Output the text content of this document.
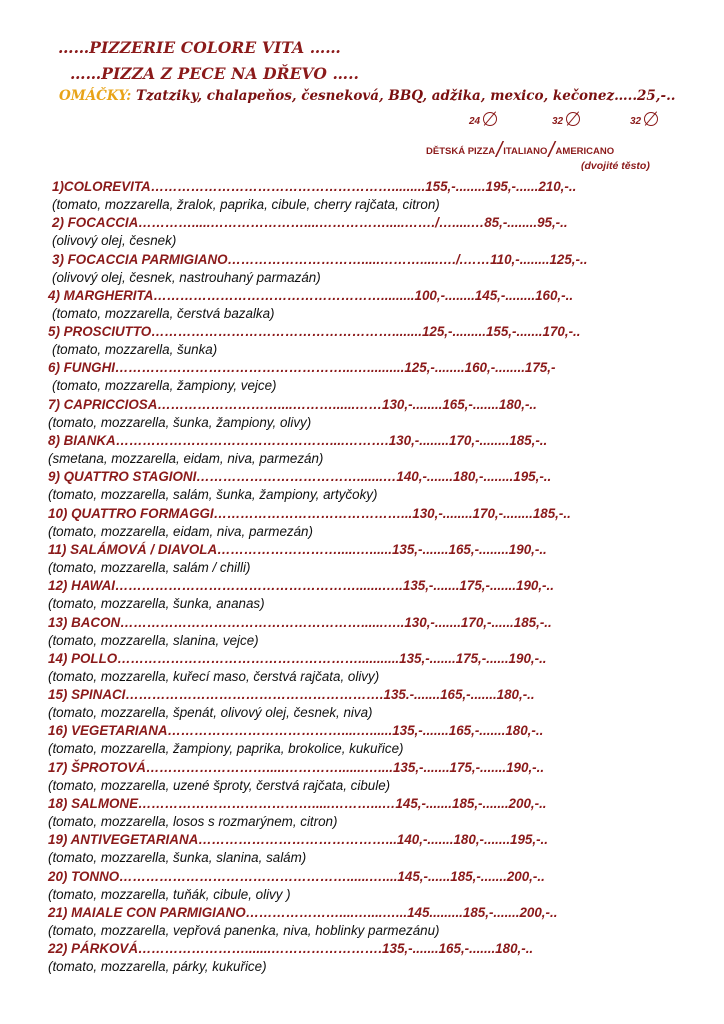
……PIZZERIE COLORE VITA ……
……PIZZA Z PECE NA DŘEVO …..
OMÁČKY: Tzatziky, chalapeňos, česneková, BBQ, adžika, mexico, kečonez…..25,-..
24	32	32
DĚTSKÁ PIZZA/ITALIANO/AMERICANO
(dvojité těsto)
1)COLOREVITA……………………………………………….........155,-........195,-......210,-..
(tomato, mozzarella, žralok, paprika, cibule, cherry rajčata, citron)
2) FOCACCIA………….....…………………....…………….....……./….....…85,-........95,-..
(olivový olej, česnek)
3) FOCACCIA PARMIGIANO………………………….....……….....…./.……110,-........125,-..
(olivový olej, česnek, nastrouhaný parmazán)
4) MARGHERITA…………………………………………….........100,-........145,-........160,-..
(tomato, mozzarella, čerstvá bazalka)
5) PROSCIUTTO………………………………………………........125,-.........155,-.......170,-..
(tomato, mozzarella, šunka)
6) FUNGHI……………………………………………...…..........125,-........160,-........175,-
(tomato, mozzarella, žampiony, vejce)
7) CAPRICCIOSA………………………....………......……130,-........165,-.......180,-..
(tomato, mozzarella, šunka, žampiony, olivy)
8) BIANKA…………………………………………....……….130,-........170,-........185,-..
(smetana, mozzarella, eidam, niva, parmezán)
9) QUATTRO STAGIONI……………………………….......…140,-.......180,-........195,-..
(tomato, mozzarella, salám, šunka, žampiony, artyčoky)
10) QUATTRO FORMAGGI……………………………………...130,-........170,-........185,-..
(tomato, mozzarella, eidam, niva, parmezán)
11) SALÁMOVÁ / DIAVOLA……………………….....…......135,-.......165,-........190,-..
(tomato, mozzarella, salám / chilli)
12) HAWAI……………………………………………….......…..135,-.......175,-.......190,-..
(tomato, mozzarella, šunka, ananas)
13) BACON………………………………………………......…..130,-.......170,-......185,-..
(tomato, mozzarella, slanina, vejce)
14) POLLO………………………………………………...........135,-.......175,-......190,-..
(tomato, mozzarella, kuřecí maso, čerstvá rajčata, olivy)
15) SPINACI………………………………………………….135.-.......165,-.......180,-..
(tomato, mozzarella, špenát, olivový olej, česnek, niva)
16) VEGETARIANA…………………………………....…......135,-.......165,-.......180,-..
(tomato, mozzarella, žampiony, paprika, brokolice, kukuřice)
17) ŠPROTOVÁ……………………….....………….......…....135,-.......175,-.......190,-..
(tomato, mozzarella, uzené šproty, čerstvá rajčata, cibule)
18) SALMONE………………………………….....………...…145,-.......185,-.......200,-..
(tomato, mozzarella, losos s rozmarýnem, citron)
19) ANTIVEGETARIANA……………………………………...140,-.......180,-.......195,-..
(tomato, mozzarella, šunka, slanina, salám)
20) TONNO……………………………………………......…....145,-......185,-.......200,-..
(tomato, mozzarella, tuňák, cibule, olivy )
21) MAIALE CON PARMIGIANO…………………....…....…...145.........185,-.......200,-..
(tomato, mozzarella, vepřová panenka, niva, hoblinky parmezánu)
22) PÁRKOVÁ…………………….......…………………….135,-.......165,-.......180,-..
(tomato, mozzarella, párky, kukuřice)
